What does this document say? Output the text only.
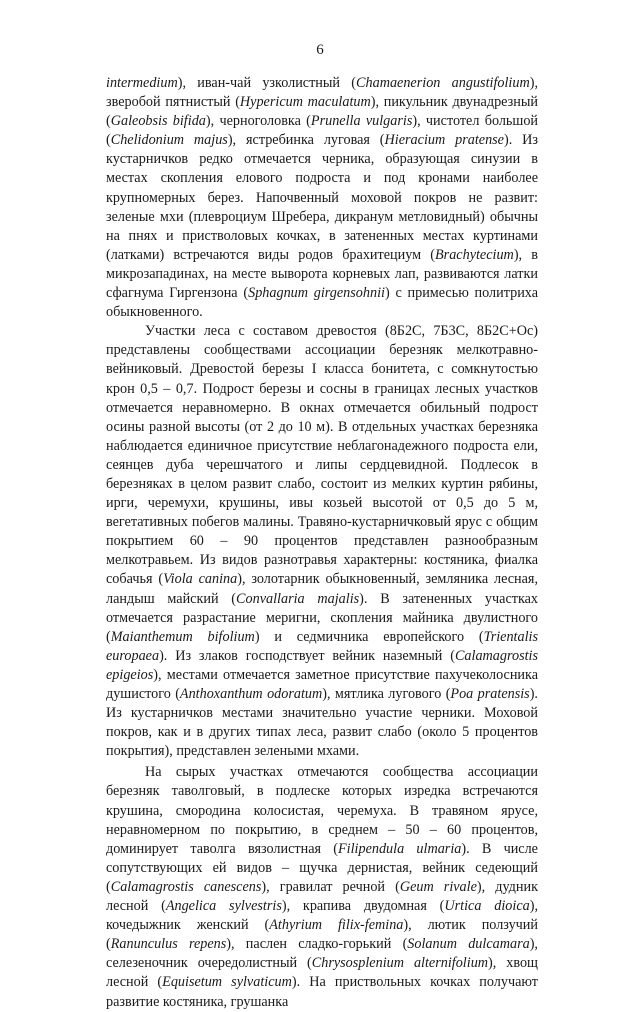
6

intermedium), иван-чай узколистный (Chamaenerion angustifolium), зверобой пятнистый (Hypericum maculatum), пикульник двунадрезный (Galeobsis bifida), черноголовка (Prunella vulgaris), чистотел большой (Chelidonium majus), ястребинка луговая (Hieracium pratense). Из кустарничков редко отмечается черника, образующая синузии в местах скопления елового подроста и под кронами наиболее крупномерных берез. Напочвенный моховой покров не развит: зеленые мхи (плевроциум Шребера, дикранум метловидный) обычны на пнях и пристволовых кочках, в затененных местах куртинами (латками) встречаются виды родов брахитециум (Brachytecium), в микрозападинах, на месте выворота корневых лап, развиваются латки сфагнума Гиргензона (Sphagnum girgensohnii) с примесью политриха обыкновенного.

Участки леса с составом древостоя (8Б2С, 7Б3С, 8Б2С+Ос) представлены сообществами ассоциации березняк мелкотравно-вейниковый. Древостой березы I класса бонитета, с сомкнутостью крон 0,5 – 0,7. Подрост березы и сосны в границах лесных участков отмечается неравномерно. В окнах отмечается обильный подрост осины разной высоты (от 2 до 10 м). В отдельных участках березняка наблюдается единичное присутствие неблагонадежного подроста ели, сеянцев дуба черешчатого и липы сердцевидной. Подлесок в березняках в целом развит слабо, состоит из мелких куртин рябины, ирги, черемухи, крушины, ивы козьей высотой от 0,5 до 5 м, вегетативных побегов малины. Травяно-кустарничковый ярус с общим покрытием 60 – 90 процентов представлен разнообразным мелкотравьем. Из видов разнотравья характерны: костяника, фиалка собачья (Viola canina), золотарник обыкновенный, земляника лесная, ландыш майский (Convallaria majalis). В затененных участках отмечается разрастание меригни, скопления майника двулистного (Maianthemum bifolium) и седмичника европейского (Trientalis europaea). Из злаков господствует вейник наземный (Calamagrostis epigeios), местами отмечается заметное присутствие пахучеколосника душистого (Anthoxanthum odoratum), мятлика лугового (Poa pratensis). Из кустарничков местами значительно участие черники. Моховой покров, как и в других типах леса, развит слабо (около 5 процентов покрытия), представлен зелеными мхами.

На сырых участках отмечаются сообщества ассоциации березняк таволговый, в подлеске которых изредка встречаются крушина, смородина колосистая, черемуха. В травяном ярусе, неравномерном по покрытию, в среднем – 50 – 60 процентов, доминирует таволга вязолистная (Filipendula ulmaria). В числе сопутствующих ей видов – щучка дернистая, вейник седеющий (Calamagrostis canescens), гравилат речной (Geum rivale), дудник лесной (Angelica sylvestris), крапива двудомная (Urtica dioica), кочедыжник женский (Athyrium filix-femina), лютик ползучий (Ranunculus repens), паслен сладко-горький (Solanum dulcamara), селезеночник очередолистный (Chrysosplenium alternifolium), хвощ лесной (Equisetum sylvaticum). На приствольных кочках получают развитие костяника, грушанка
